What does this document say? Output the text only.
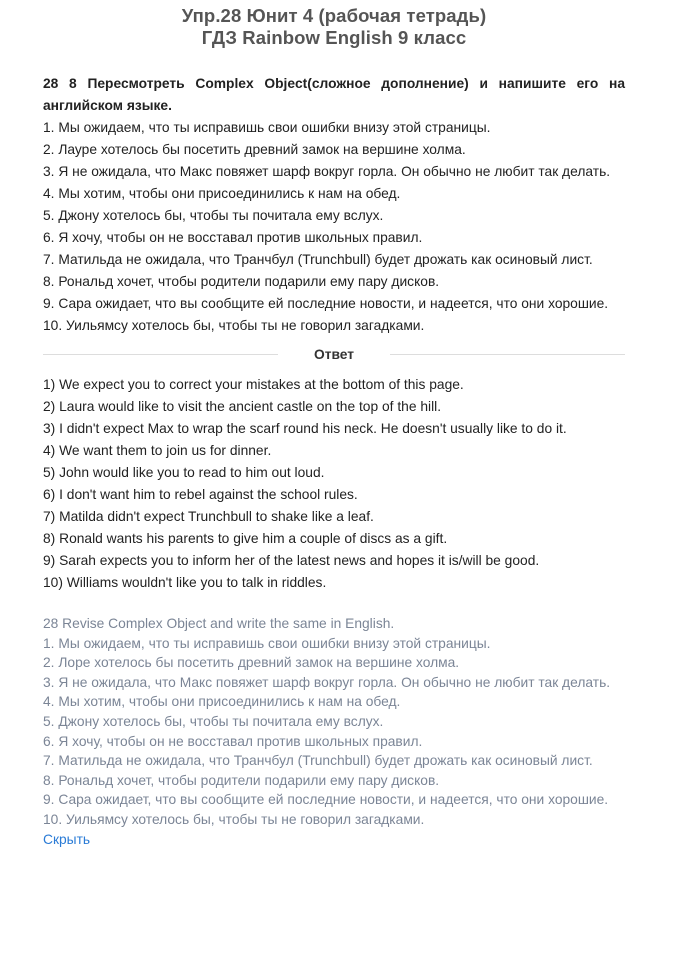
Упр.28 Юнит 4 (рабочая тетрадь)
ГДЗ Rainbow English 9 класс

28 8 Пересмотреть Complex Object(сложное дополнение) и напишите его на английском языке.

1. Мы ожидаем, что ты исправишь свои ошибки внизу этой страницы.

2. Лауре хотелось бы посетить древний замок на вершине холма.

3. Я не ожидала, что Макс повяжет шарф вокруг горла. Он обычно не любит так делать.

4. Мы хотим, чтобы они присоединились к нам на обед.

5. Джону хотелось бы, чтобы ты почитала ему вслух.

6. Я хочу, чтобы он не восставал против школьных правил.

7. Матильда не ожидала, что Транчбул (Trunchbull) будет дрожать как осиновый лист.

8. Рональд хочет, чтобы родители подарили ему пару дисков.

9. Сара ожидает, что вы сообщите ей последние новости, и надеется, что они хорошие.

10. Уильямсу хотелось бы, чтобы ты не говорил загадками.

Ответ

1) We expect you to correct your mistakes at the bottom of this page.

2) Laura would like to visit the ancient castle on the top of the hill.

3) I didn't expect Max to wrap the scarf round his neck. He doesn't usually like to do it.

4) We want them to join us for dinner.

5) John would like you to read to him out loud.

6) I don't want him to rebel against the school rules.

7) Matilda didn't expect Trunchbull to shake like a leaf.

8) Ronald wants his parents to give him a couple of discs as a gift.

9) Sarah expects you to inform her of the latest news and hopes it is/will be good.

10) Williams wouldn't like you to talk in riddles.

28 Revise Complex Object and write the same in English.

1. Мы ожидаем, что ты исправишь свои ошибки внизу этой страницы.

2. Лоре хотелось бы посетить древний замок на вершине холма.

3. Я не ожидала, что Макс повяжет шарф вокруг горла. Он обычно не любит так делать.

4. Мы хотим, чтобы они присоединились к нам на обед.

5. Джону хотелось бы, чтобы ты почитала ему вслух.

6. Я хочу, чтобы он не восставал против школьных правил.

7. Матильда не ожидала, что Транчбул (Trunchbull) будет дрожать как осиновый лист.

8. Рональд хочет, чтобы родители подарили ему пару дисков.

9. Сара ожидает, что вы сообщите ей последние новости, и надеется, что они хорошие.

10. Уильямсу хотелось бы, чтобы ты не говорил загадками.

Скрыть
